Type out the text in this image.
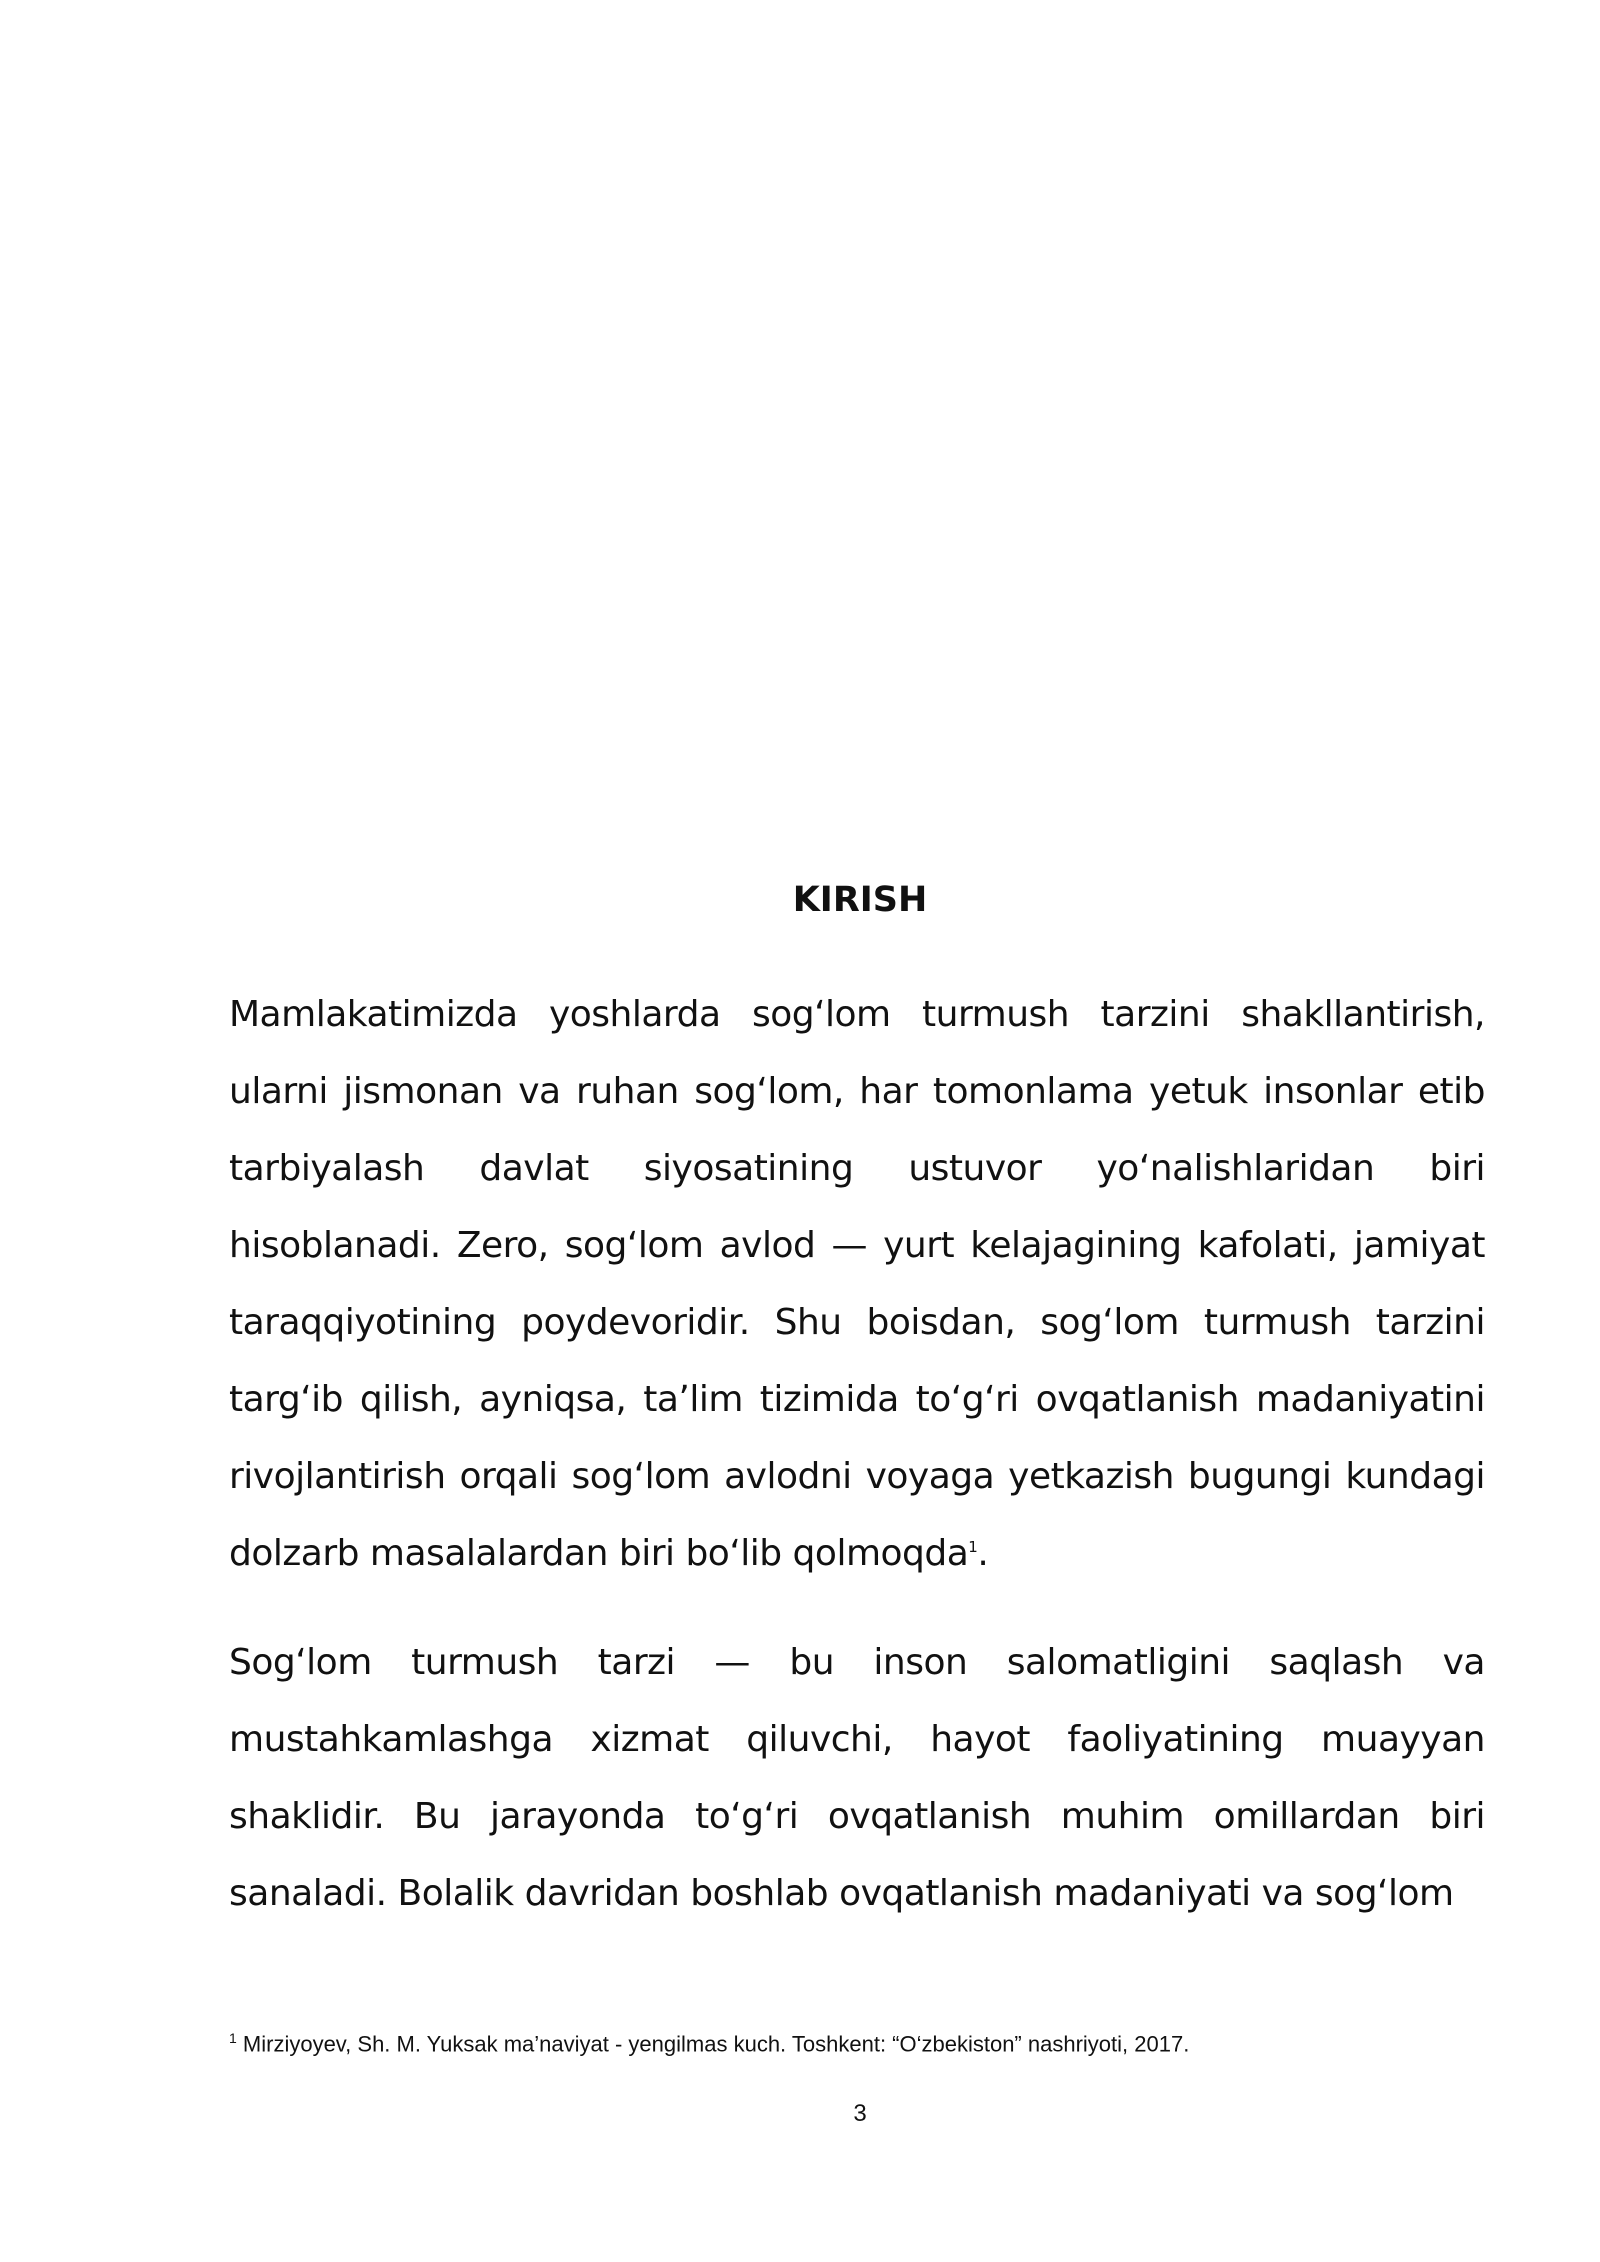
KIRISH

Mamlakatimizda yoshlarda sog‘lom turmush tarzini shakllantirish, ularni jismonan va ruhan sog‘lom, har tomonlama yetuk insonlar etib tarbiyalash davlat siyosatining ustuvor yo‘nalishlaridan biri hisoblanadi. Zero, sog‘lom avlod — yurt kelajagining kafolati, jamiyat taraqqiyotining poydevoridir. Shu boisdan, sog‘lom turmush tarzini targ‘ib qilish, ayniqsa, ta’lim tizimida to‘g‘ri ovqatlanish madaniyatini rivojlantirish orqali sog‘lom avlodni voyaga yetkazish bugungi kundagi dolzarb masalalardan biri bo‘lib qolmoqda$^1$.

Sog‘lom turmush tarzi — bu inson salomatligini saqlash va mustahkamlashga xizmat qiluvchi, hayot faoliyatining muayyan shaklidir. Bu jarayonda to‘g‘ri ovqatlanish muhim omillardan biri sanaladi. Bolalik davridan boshlab ovqatlanish madaniyati va sog‘lom

$^1$ Mirziyoyev, Sh. M. Yuksak ma’naviyat - yengilmas kuch. Toshkent: “O‘zbekiston” nashriyoti, 2017.

3
